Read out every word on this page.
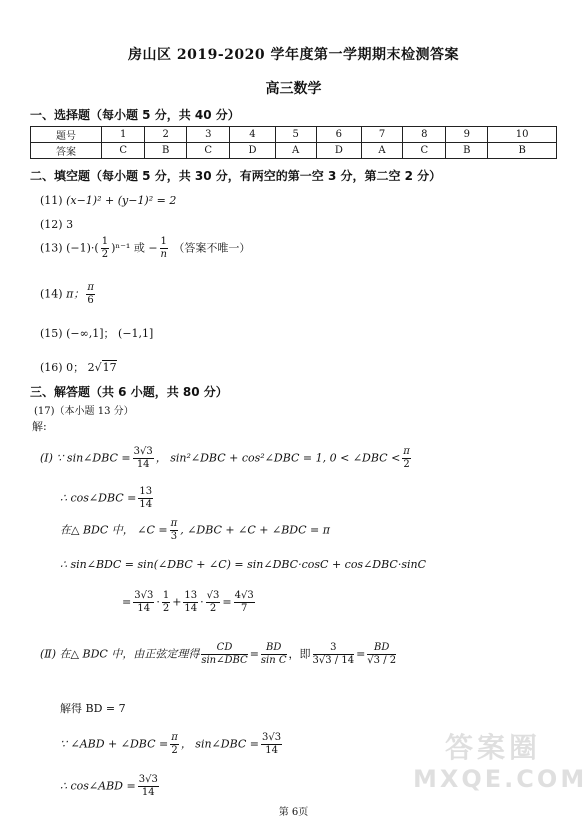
房山区 2019-2020 学年度第一学期期末检测答案
高三数学
一、选择题（每小题 5 分，共 40 分）
题号	1	2	3	4	5	6	7	8	9	10
答案	C	B	C	D	A	D	A	C	B	B
二、填空题（每小题 5 分，共 30 分，有两空的第一空 3 分，第二空 2 分）
(11) (x−1)² + (y−1)² = 2
(12) 3
(13) $(-1)\cdot( \frac{1}{2} )^{n-1}$ 或 − $\frac{1}{n}$ （答案不唯一）
(14) π； $\frac{\pi}{6}$
(15) (−∞,1]； (−1,1]
(16) 0； 2√17
三、解答题（共 6 小题，共 80 分）
(17)（本小题 13 分）
解:
(Ⅰ) ∵ sin∠DBC = $\frac{3√3}{14}$ ， sin²∠DBC + cos²∠DBC = 1, 0 < ∠DBC < $\frac{\pi}{2}$
∴ cos∠DBC = $\frac{13}{14}$
在△ BDC 中， ∠C = $\frac{\pi}{3}$ , ∠DBC + ∠C + ∠BDC = π
∴ sin∠BDC = sin(∠DBC + ∠C) = sin∠DBC·cosC + cos∠DBC·sinC
= $\frac{3√3}{14} \cdot \frac{1}{2} + \frac{13}{14} \cdot \frac{√3}{2} = \frac{4√3}{7}$
(Ⅱ) 在△ BDC 中，由正弦定理得 $\frac{CD}{\text{sin∠DBC}} = \frac{BD}{\text{sin C}}$ ，即 $\frac{3}{3√3 / 14} = \frac{BD}{√3 / 2}$
解得 BD = 7
∵ ∠ABD + ∠DBC = $\frac{\pi}{2}$ ， sin∠DBC = $\frac{3√3}{14}$
∴ cos∠ABD = $\frac{3√3}{14}$
答案圈
MXQE.COM
第 6页
